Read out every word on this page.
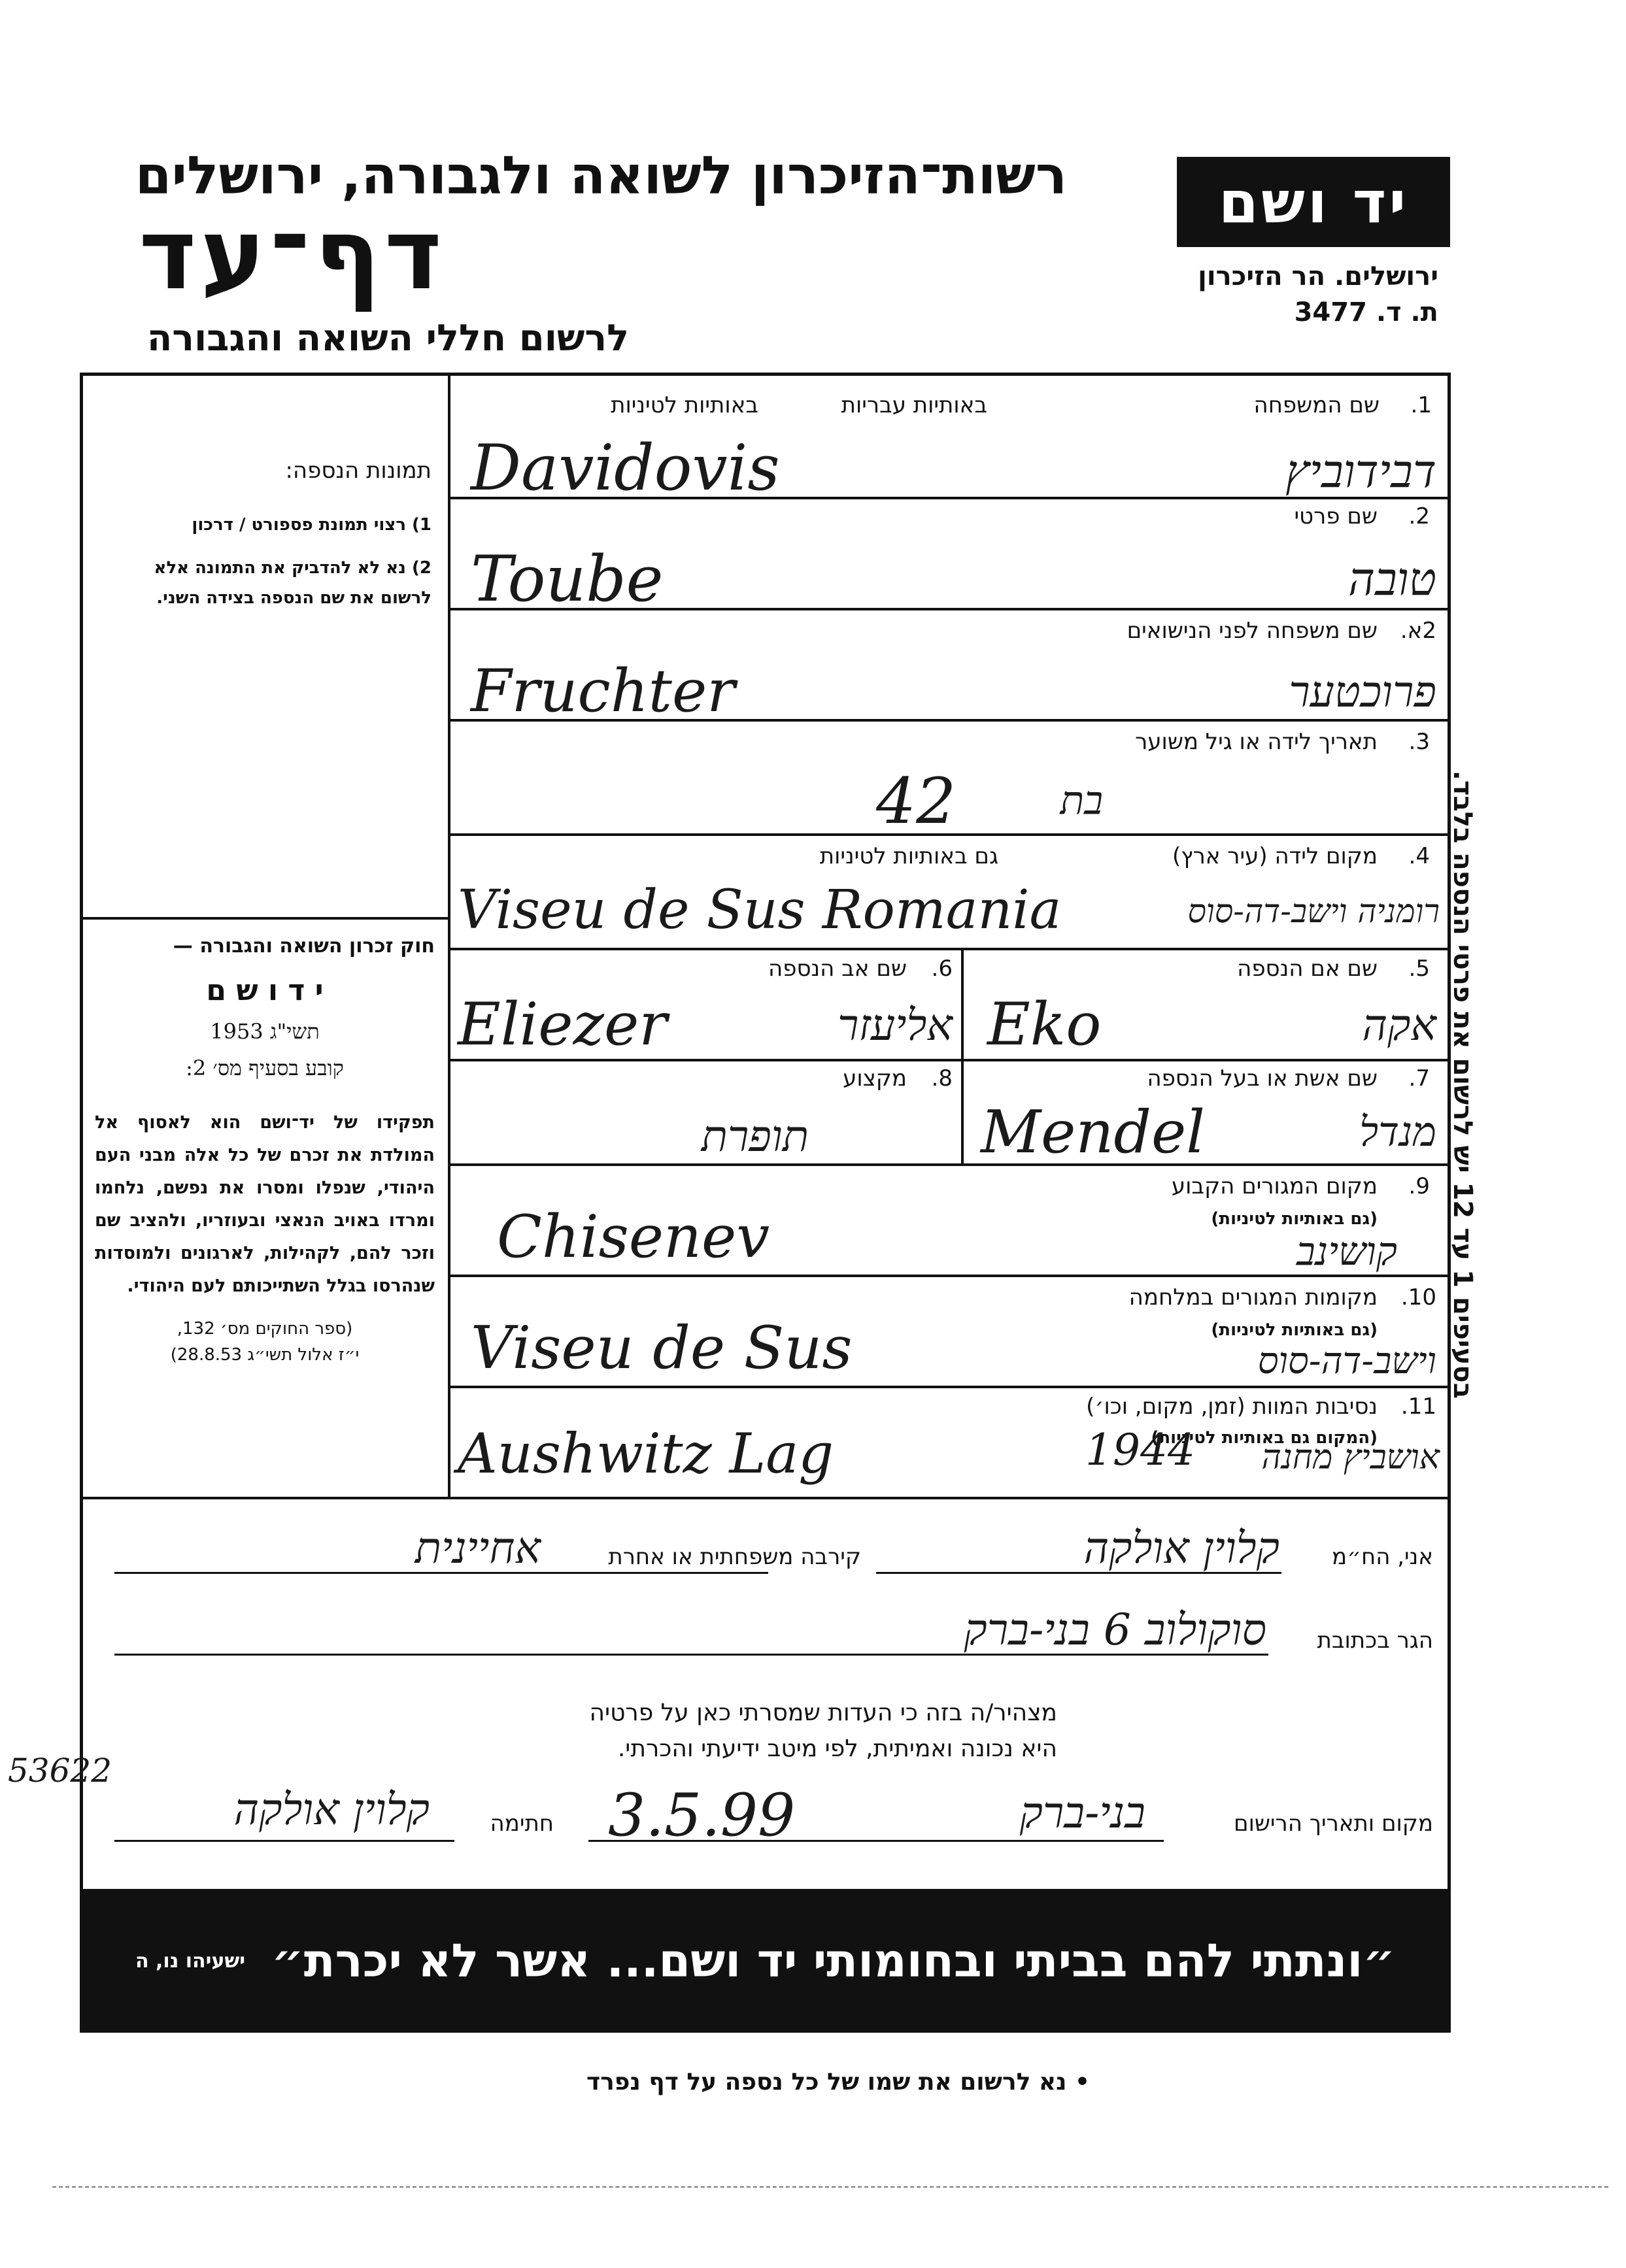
רשות־הזיכרון לשואה ולגבורה, ירושלים
דף־עד
לרשום חללי השואה והגבורה
יד ושם
ירושלים. הר הזיכרון
ת. ד. 3477
תמונות הנספה:
1) רצוי תמונת פספורט / דרכון
2) נא לא להדביק את התמונה אלא לרשום את שם הנספה בצידה השני.
חוק זכרון השואה והגבורה —
י ד ו ש ם
תשי"ג 1953
קובע בסעיף מס׳ 2:
תפקידו של יד־ושם הוא לאסוף אל המולדת את זכרם של כל אלה מבני העם היהודי, שנפלו ומסרו את נפשם, נלחמו ומרדו באויב הנאצי ובעוזריו, ולהציב שם וזכר להם, לקהילות, לארגונים ולמוסדות שנהרסו בגלל השתייכותם לעם היהודי.
(ספר החוקים מס׳ 132,
י״ז אלול תשי״ג 28.8.53)
1.
שם המשפחה
באותיות עבריות
באותיות לטיניות
Davidovis	דבידוביץ
2.
שם פרטי
Toube	טובה
2א.
שם משפחה לפני הנישואים
Fruchter	פרוכטער
3.
תאריך לידה או גיל משוער
42	בת
4.
מקום לידה (עיר ארץ)
גם באותיות לטיניות
Viseu de Sus Romania	רומניה וישב-דה-סוס
5.
שם אם הנספה
Eko	אקה
6.
שם אב הנספה
Eliezer	אליעזר
7.
שם אשת או בעל הנספה
Mendel	מנדל
8.
מקצוע
תופרת
9.
מקום המגורים הקבוע
(גם באותיות לטיניות)
Chisenev	קושינב
10.
מקומות המגורים במלחמה
(גם באותיות לטיניות)
Viseu de Sus	וישב-דה-סוס
11.
נסיבות המוות (זמן, מקום, וכו׳)
(המקום גם באותיות לטיניות)
Aushwitz Lag	1944 אושביץ מחנה
בסעיפים 1 עד 12 יש לרשום את פרטי הנספה בלבד.
אני, הח״מ
קלוין אולקה
קירבה משפחתית או אחרת
אחיינית
הגר בכתובת
סוקולוב 6 בני-ברק
מצהיר/ה בזה כי העדות שמסרתי כאן על פרטיה
היא נכונה ואמיתית, לפי מיטב ידיעתי והכרתי.
מקום ותאריך הרישום
בני-ברק
3.5.99
חתימה
קלוין אולקה
53622
״ונתתי להם בביתי ובחומותי יד ושם... אשר לא יכרת״
ישעיהו נו, ה
• נא לרשום את שמו של כל נספה על דף נפרד
